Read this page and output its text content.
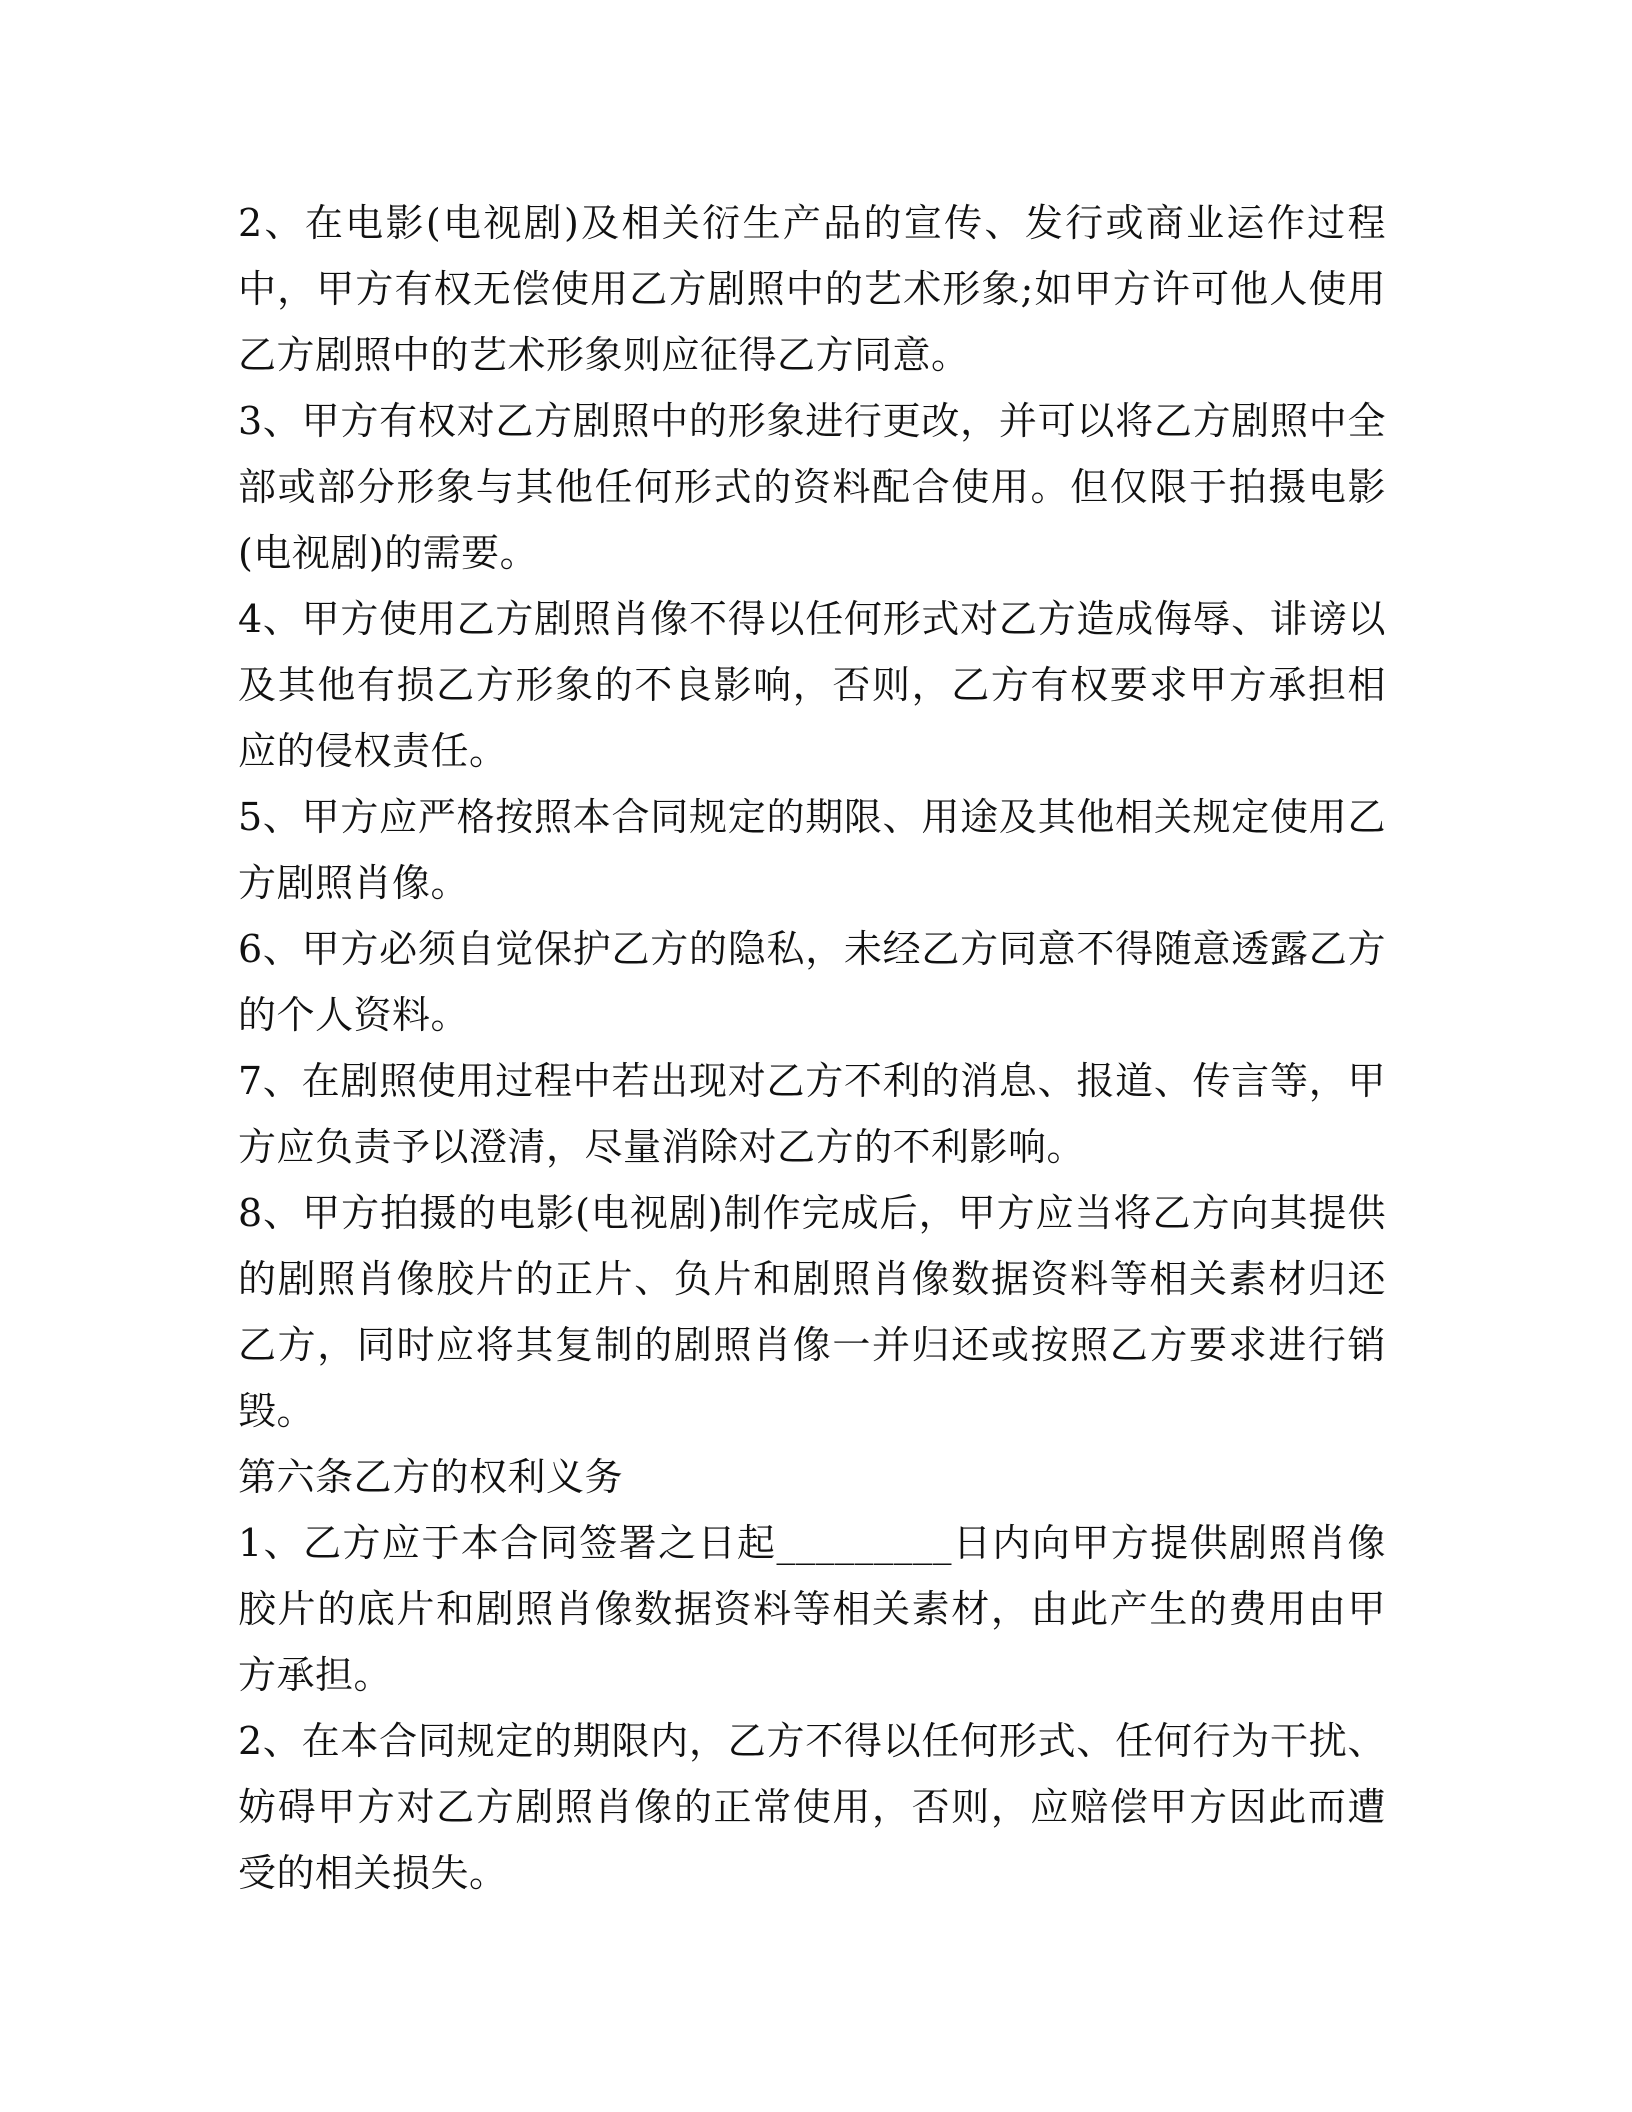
2、在电影(电视剧)及相关衍生产品的宣传、发行或商业运作过程中，甲方有权无偿使用乙方剧照中的艺术形象;如甲方许可他人使用乙方剧照中的艺术形象则应征得乙方同意。

3、甲方有权对乙方剧照中的形象进行更改，并可以将乙方剧照中全部或部分形象与其他任何形式的资料配合使用。但仅限于拍摄电影(电视剧)的需要。

4、甲方使用乙方剧照肖像不得以任何形式对乙方造成侮辱、诽谤以及其他有损乙方形象的不良影响，否则，乙方有权要求甲方承担相应的侵权责任。

5、甲方应严格按照本合同规定的期限、用途及其他相关规定使用乙方剧照肖像。

6、甲方必须自觉保护乙方的隐私，未经乙方同意不得随意透露乙方的个人资料。

7、在剧照使用过程中若出现对乙方不利的消息、报道、传言等，甲方应负责予以澄清，尽量消除对乙方的不利影响。

8、甲方拍摄的电影(电视剧)制作完成后，甲方应当将乙方向其提供的剧照肖像胶片的正片、负片和剧照肖像数据资料等相关素材归还乙方，同时应将其复制的剧照肖像一并归还或按照乙方要求进行销毁。

第六条乙方的权利义务

1、乙方应于本合同签署之日起_________日内向甲方提供剧照肖像胶片的底片和剧照肖像数据资料等相关素材，由此产生的费用由甲方承担。

2、在本合同规定的期限内，乙方不得以任何形式、任何行为干扰、妨碍甲方对乙方剧照肖像的正常使用，否则，应赔偿甲方因此而遭受的相关损失。
